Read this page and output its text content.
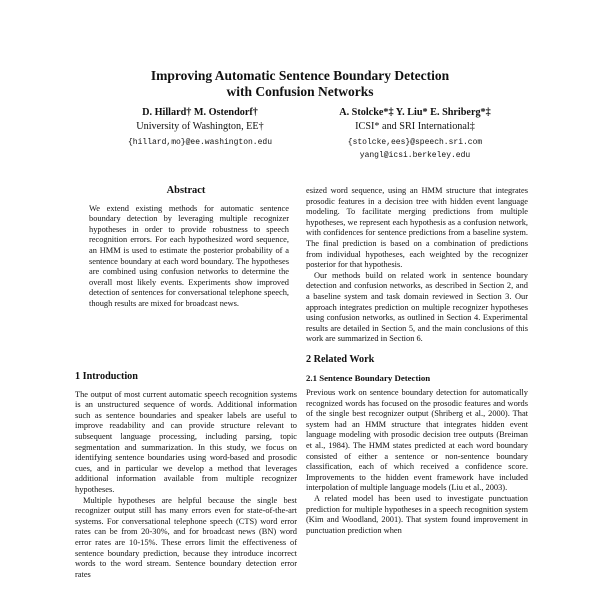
Improving Automatic Sentence Boundary Detection
with Confusion Networks
D. Hillard† M. Ostendorf†
University of Washington, EE†
{hillard,mo}@ee.washington.edu
A. Stolcke*‡ Y. Liu* E. Shriberg*‡
ICSI* and SRI International‡
{stolcke,ees}@speech.sri.com
yangl@icsi.berkeley.edu
Abstract

We extend existing methods for automatic sentence boundary detection by leveraging multiple recognizer hypotheses in order to provide robustness to speech recognition errors. For each hypothesized word sequence, an HMM is used to estimate the posterior probability of a sentence boundary at each word boundary. The hypotheses are combined using confusion networks to determine the overall most likely events. Experiments show improved detection of sentences for conversational telephone speech, though results are mixed for broadcast news.

1 Introduction

The output of most current automatic speech recognition systems is an unstructured sequence of words. Additional information such as sentence boundaries and speaker labels are useful to improve readability and can provide structure relevant to subsequent language processing, including parsing, topic segmentation and summarization. In this study, we focus on identifying sentence boundaries using word-based and prosodic cues, and in particular we develop a method that leverages additional information available from multiple recognizer hypotheses.

Multiple hypotheses are helpful because the single best recognizer output still has many errors even for state-of-the-art systems. For conversational telephone speech (CTS) word error rates can be from 20-30%, and for broadcast news (BN) word error rates are 10-15%. These errors limit the effectiveness of sentence boundary prediction, because they introduce incorrect words to the word stream. Sentence boundary detection error rates

esized word sequence, using an HMM structure that integrates prosodic features in a decision tree with hidden event language modeling. To facilitate merging predictions from multiple hypotheses, we represent each hypothesis as a confusion network, with confidences for sentence predictions from a baseline system. The final prediction is based on a combination of predictions from individual hypotheses, each weighted by the recognizer posterior for that hypothesis.

Our methods build on related work in sentence boundary detection and confusion networks, as described in Section 2, and a baseline system and task domain reviewed in Section 3. Our approach integrates prediction on multiple recognizer hypotheses using confusion networks, as outlined in Section 4. Experimental results are detailed in Section 5, and the main conclusions of this work are summarized in Section 6.

2 Related Work
2.1 Sentence Boundary Detection

Previous work on sentence boundary detection for automatically recognized words has focused on the prosodic features and words of the single best recognizer output (Shriberg et al., 2000). That system had an HMM structure that integrates hidden event language modeling with prosodic decision tree outputs (Breiman et al., 1984). The HMM states predicted at each word boundary consisted of either a sentence or non-sentence boundary classification, each of which received a confidence score. Improvements to the hidden event framework have included interpolation of multiple language models (Liu et al., 2003).

A related model has been used to investigate punctuation prediction for multiple hypotheses in a speech recognition system (Kim and Woodland, 2001). That system found improvement in punctuation prediction when
